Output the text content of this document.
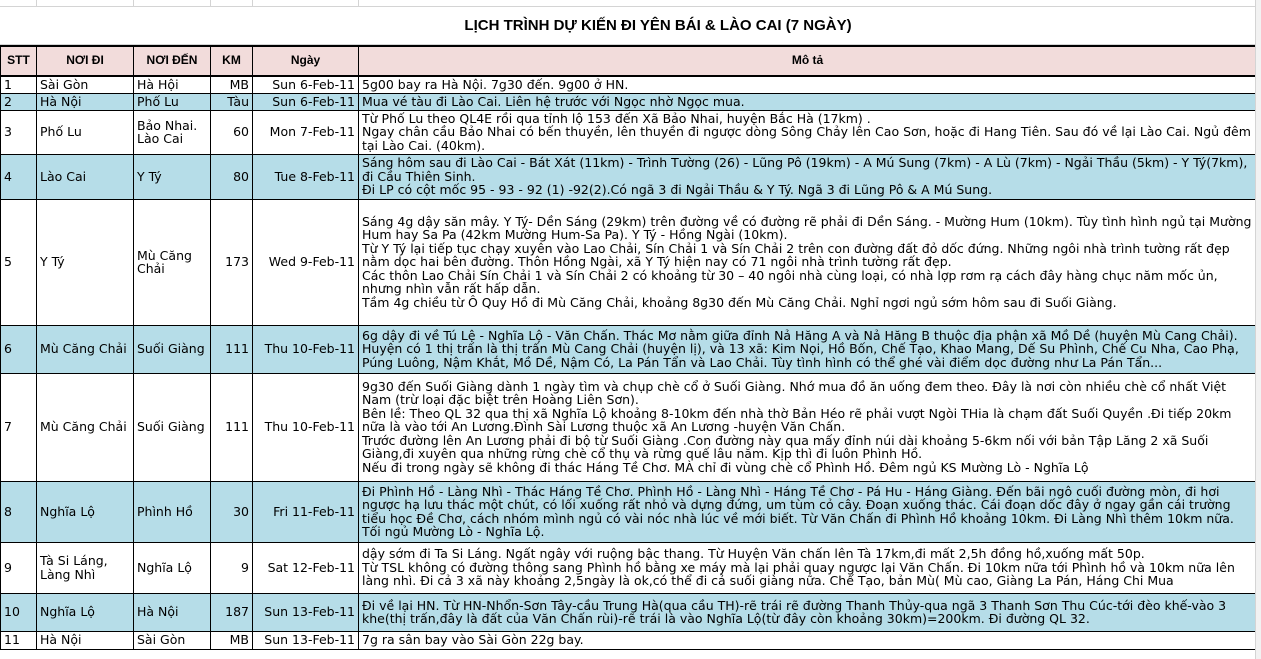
LỊCH TRÌNH DỰ KIẾN ĐI YÊN BÁI & LÀO CAI (7 NGÀY)
STT	NƠI ĐI	NƠI ĐẾN	KM	Ngày	Mô tả
1	Sài Gòn	Hà Hội	MB	Sun 6-Feb-11	5g00 bay ra Hà Nội. 7g30 đến. 9g00 ở HN.

2	Hà Nội	Phố Lu	Tàu	Sun 6-Feb-11	Mua vé tàu đi Lào Cai. Liên hệ trước với Ngọc nhờ Ngọc mua.

3	Phố Lu	Bảo Nhai. Lào Cai	60	Mon 7-Feb-11	Từ Phố Lu theo QL4E rồi qua tỉnh lộ 153 đến Xã Bảo Nhai, huyện Bắc Hà (17km) .
Ngay chân cầu Bảo Nhai có bến thuyền, lên thuyền đi ngược dòng Sông Chảy lên Cao Sơn, hoặc đi Hang Tiên. Sau đó về lại Lào Cai. Ngủ đêm tại Lào Cai. (40km).

4	Lào Cai	Y Tý	80	Tue 8-Feb-11	Sáng hôm sau đi Lào Cai - Bát Xát (11km) - Trình Tường (26) - Lũng Pô (19km) - A Mú Sung (7km) - A Lù (7km) - Ngải Thầu (5km) - Y Tý(7km), đi Cầu Thiên Sinh.
Đi LP có cột mốc 95 - 93 - 92 (1) -92(2).Có ngã 3 đi Ngải Thầu & Y Tý. Ngã 3 đi Lũng Pô & A Mú Sung.

5	Y Tý	Mù Căng Chải	173	Wed 9-Feb-11	Sáng 4g dậy săn mây. Y Tý- Dền Sáng (29km) trên đường về có đường rẽ phải đi Dền Sáng. - Mường Hum (10km). Tùy tình hình ngủ tại Mường Hum hay Sa Pa (42km Mường Hum-Sa Pa). Y Tý - Hồng Ngài (10km).
Từ Y Tý lại tiếp tục chạy xuyên vào Lao Chải, Sín Chải 1 và Sín Chải 2 trên con đường đất đỏ dốc đứng. Những ngôi nhà trình tường rất đẹp nằm dọc hai bên đường. Thôn Hồng Ngài, xã Y Tý hiện nay có 71 ngôi nhà trình tường rất đẹp.
Các thôn Lao Chải Sín Chải 1 và Sín Chải 2 có khoảng từ 30 – 40 ngôi nhà cùng loại, có nhà lợp rơm rạ cách đây hàng chục năm mốc ủn, nhưng nhìn vẫn rất hấp dẫn.
Tầm 4g chiều từ Ô Quy Hồ đi Mù Căng Chải, khoảng 8g30 đến Mù Căng Chải. Nghỉ ngơi ngủ sớm hôm sau đi Suối Giàng.

6	Mù Căng Chải	Suối Giàng	111	Thu 10-Feb-11	6g dậy đi về Tú Lệ - Nghĩa Lộ - Văn Chấn. Thác Mơ nằm giữa đỉnh Nả Hăng A và Nả Hăng B thuộc địa phận xã Mồ Dề (huyện Mù Cang Chải).
Huyện có 1 thị trấn là thị trấn Mù Cang Chải (huyện lị), và 13 xã: Kim Nọi, Hồ Bốn, Chế Tạo, Khao Mang, Dế Su Phình, Chế Cu Nha, Cao Phạ, Púng Luông, Nậm Khắt, Mồ Dề, Nậm Có, La Pán Tẩn và Lao Chải. Tùy tình hình có thể ghé vài điểm dọc đường như La Pán Tẩn...

7	Mù Căng Chải	Suối Giàng	111	Thu 10-Feb-11	9g30 đến Suối Giàng dành 1 ngày tìm và chụp chè cổ ở Suối Giàng. Nhớ mua đồ ăn uống đem theo. Đây là nơi còn nhiều chè cổ nhất Việt Nam (trừ loại đặc biệt trên Hoàng Liên Sơn).
Bên lề: Theo QL 32 qua thị xã Nghĩa Lộ khoảng 8-10km đến nhà thờ Bản Héo rẽ phải vượt Ngòi THia là chạm đất Suối Quyền .Đi tiếp 20km nữa là vào tới An Lương.Đình Sài Lương thuộc xã An Lương -huyện Văn Chấn.
Trước đường lên An Lương phải đi bộ từ Suối Giàng .Con đường này qua mấy đỉnh núi dài khoảng 5-6km nối với bản Tập Lăng 2 xã Suối Giàng,đi xuyên qua những rừng chè cổ thụ và rừng quế lâu năm. Kịp thì đi luôn Phình Hồ.
Nếu đi trong ngày sẽ không đi thác Háng Tề Chơ. MÀ chỉ đi vùng chè cổ Phình Hồ. Đêm ngủ KS Mường Lò - Nghĩa Lộ

8	Nghĩa Lộ	Phình Hồ	30	Fri 11-Feb-11	Đi Phình Hồ - Làng Nhì - Thác Háng Tề Chơ. Phình Hồ - Làng Nhì - Háng Tề Chơ - Pá Hu - Háng Giàng. Đến bãi ngô cuối đường mòn, đi hơi ngược hạ lưu thác một chút, có lối xuống rất nhỏ và dựng đứng, um tùm cỏ cây. Đoạn xuống thác. Cái đoạn dốc đây ở ngay gần cái trường tiểu học Đề Chơ, cách nhóm mình ngủ có vài nóc nhà lúc về mới biết. Từ Văn Chấn đi Phình Hồ khoảng 10km. Đi Làng Nhì thêm 10km nữa. Tối ngủ Mường Lò - Nghĩa Lộ.

9	Tà Si Láng, Làng Nhì	Nghĩa Lộ	9	Sat 12-Feb-11	dậy sớm đi Ta Si Láng. Ngất ngây với ruộng bậc thang. Từ Huyện Văn chấn lên Tà 17km,đi mất 2,5h đồng hồ,xuống mất 50p.
Từ TSL không có đường thông sang Phình hồ bằng xe máy mà lại phải quay ngược lại Văn Chấn. Đi 10km nữa tới Phình hồ và 10km nữa lên làng nhì. Đi cả 3 xã này khoảng 2,5ngày là ok,có thể đi cả suối giàng nữa. Chế Tạo, bản Mù( Mù cao, Giàng La Pán, Háng Chi Mua

10	Nghĩa Lộ	Hà Nội	187	Sun 13-Feb-11	Đi về lại HN. Từ HN-Nhổn-Sơn Tây-cầu Trung Hà(qua cầu TH)-rẽ trái rẽ đường Thanh Thủy-qua ngã 3 Thanh Sơn Thu Cúc-tới đèo khế-vào 3 khe(thị trấn,đây là đất của Văn Chấn rùi)-rẽ trái là vào Nghĩa Lộ(từ đây còn khoảng 30km)=200km. Đi đường QL 32.

11	Hà Nội	Sài Gòn	MB	Sun 13-Feb-11	7g ra sân bay vào Sài Gòn 22g bay.
